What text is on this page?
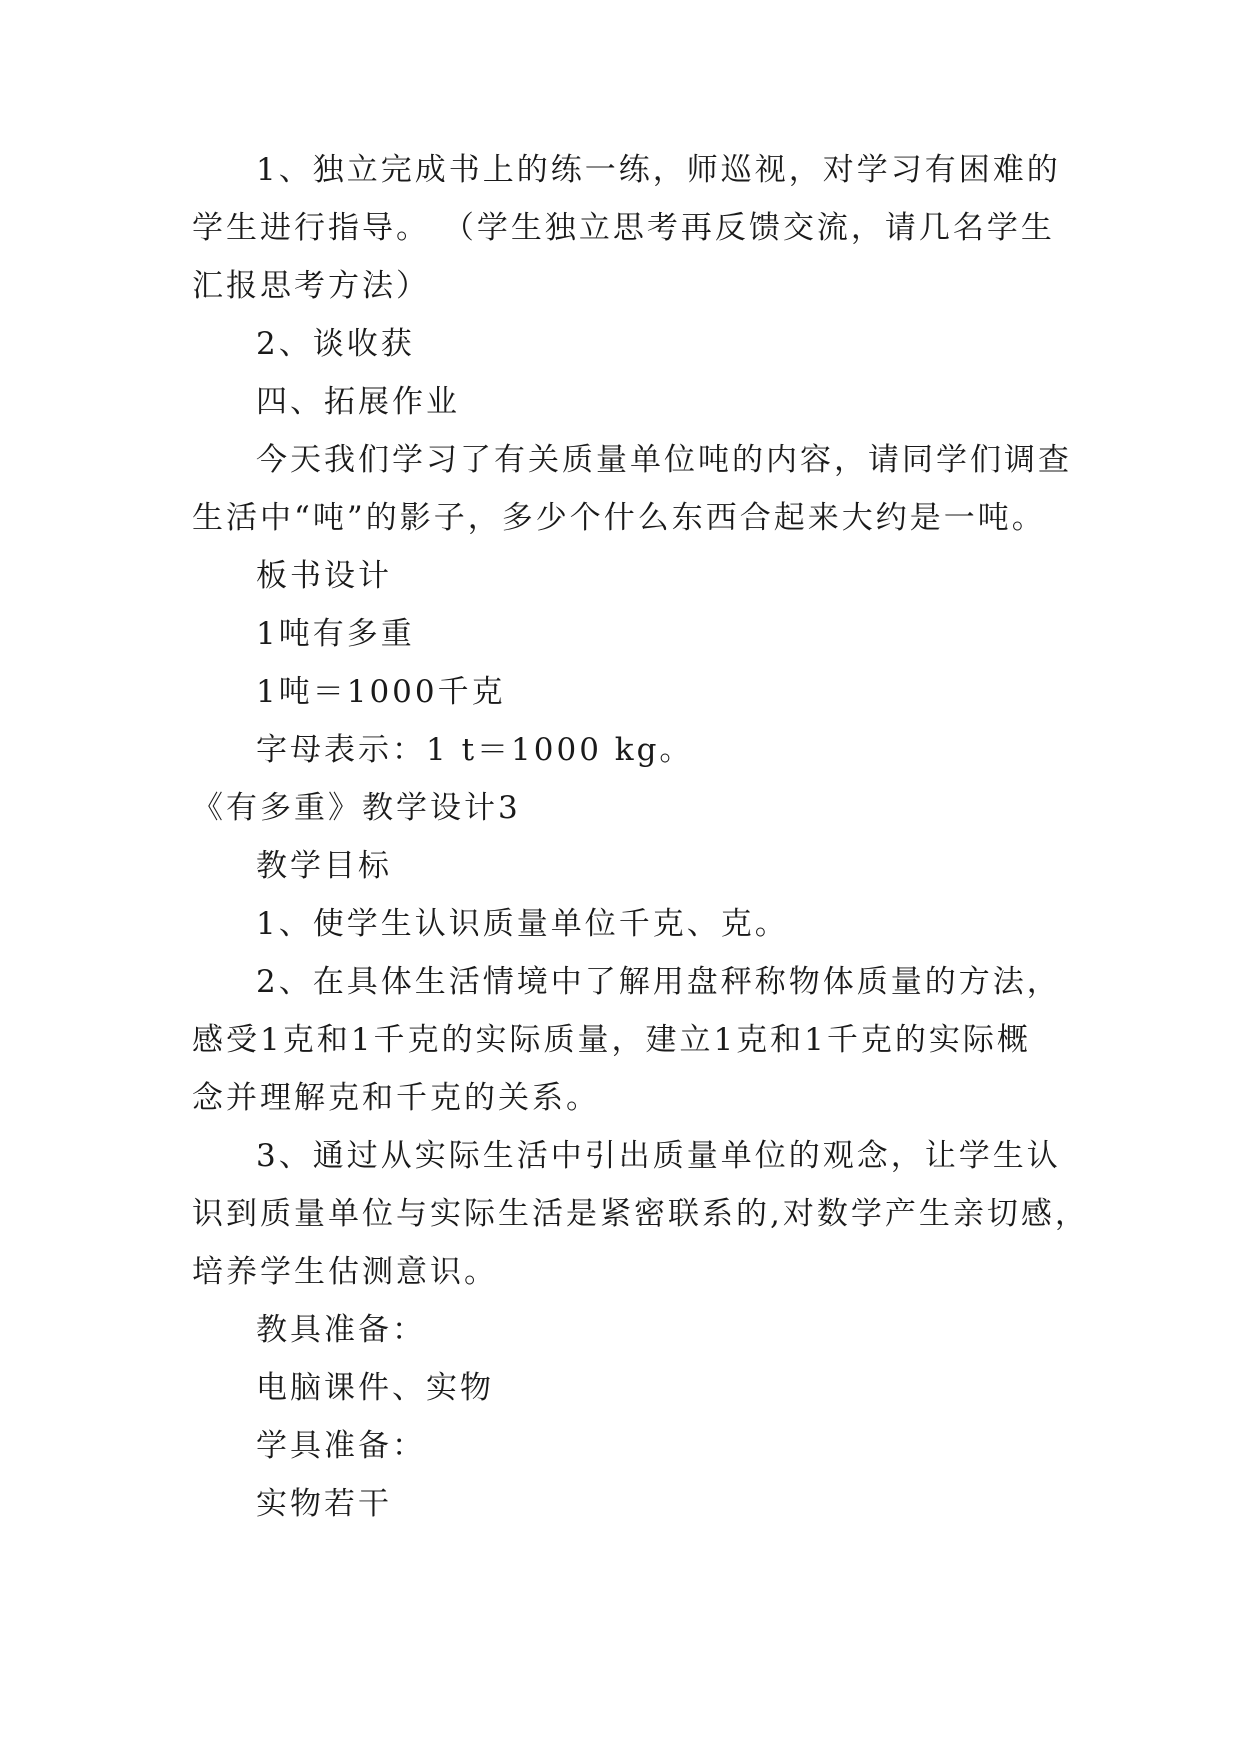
1、独立完成书上的练一练，师巡视，对学习有困难的
学生进行指导。 （学生独立思考再反馈交流，请几名学生
汇报思考方法）
2、谈收获
四、拓展作业
今天我们学习了有关质量单位吨的内容，请同学们调查
生活中“吨”的影子，多少个什么东西合起来大约是一吨。
板书设计
1吨有多重
1吨＝1000千克
字母表示：1 t＝1000 kg。
《有多重》教学设计3
教学目标
1、使学生认识质量单位千克、克。
2、在具体生活情境中了解用盘秤称物体质量的方法，
感受1克和1千克的实际质量，建立1克和1千克的实际概
念并理解克和千克的关系。
3、通过从实际生活中引出质量单位的观念，让学生认
识到质量单位与实际生活是紧密联系的,对数学产生亲切感，
培养学生估测意识。
教具准备：
电脑课件、实物
学具准备：
实物若干
